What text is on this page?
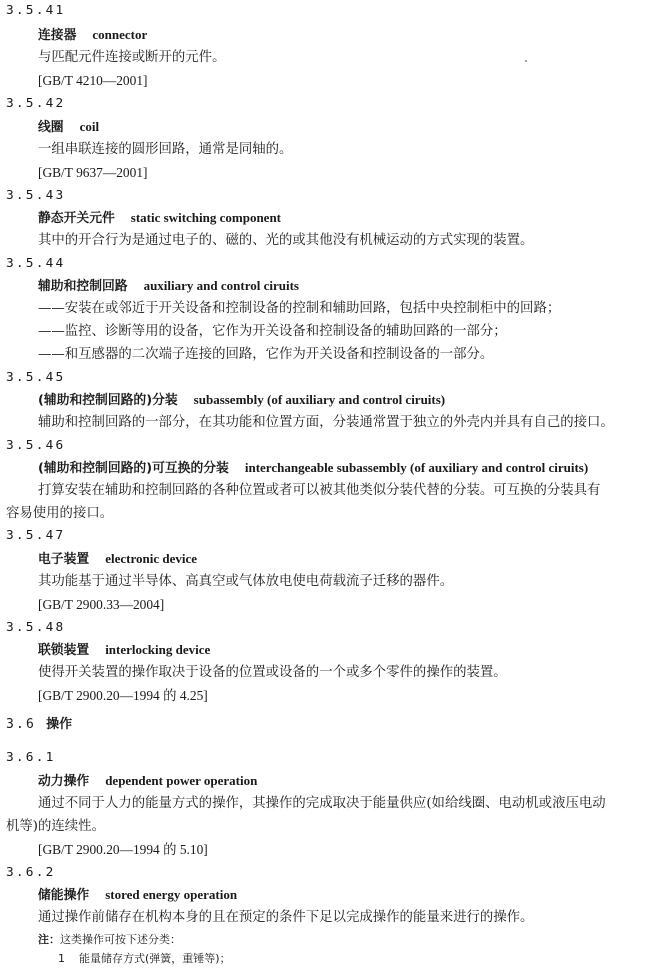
3.5.41
连接器 connector
与匹配元件连接或断开的元件。
[GB/T 4210—2001]
3.5.42
线圈 coil
一组串联连接的圆形回路，通常是同轴的。
[GB/T 9637—2001]
3.5.43
静态开关元件 static switching component
其中的开合行为是通过电子的、磁的、光的或其他没有机械运动的方式实现的装置。
3.5.44
辅助和控制回路 auxiliary and control ciruits
——安装在或邻近于开关设备和控制设备的控制和辅助回路，包括中央控制柜中的回路；
——监控、诊断等用的设备，它作为开关设备和控制设备的辅助回路的一部分；
——和互感器的二次端子连接的回路，它作为开关设备和控制设备的一部分。
3.5.45
(辅助和控制回路的)分装 subassembly (of auxiliary and control ciruits)
辅助和控制回路的一部分，在其功能和位置方面，分装通常置于独立的外壳内并具有自己的接口。
3.5.46
(辅助和控制回路的)可互换的分装 interchangeable subassembly (of auxiliary and control ciruits)
打算安装在辅助和控制回路的各种位置或者可以被其他类似分装代替的分装。可互换的分装具有
容易使用的接口。
3.5.47
电子装置 electronic device
其功能基于通过半导体、高真空或气体放电使电荷载流子迁移的器件。
[GB/T 2900.33—2004]
3.5.48
联锁装置 interlocking device
使得开关装置的操作取决于设备的位置或设备的一个或多个零件的操作的装置。
[GB/T 2900.20—1994 的 4.25]
3.6 操作
3.6.1
动力操作 dependent power operation
通过不同于人力的能量方式的操作，其操作的完成取决于能量供应(如给线圈、电动机或液压电动
机等)的连续性。
[GB/T 2900.20—1994 的 5.10]
3.6.2
储能操作 stored energy operation
通过操作前储存在机构本身的且在预定的条件下足以完成操作的能量来进行的操作。
注：这类操作可按下述分类：
1 能量储存方式(弹簧，重锤等)；
